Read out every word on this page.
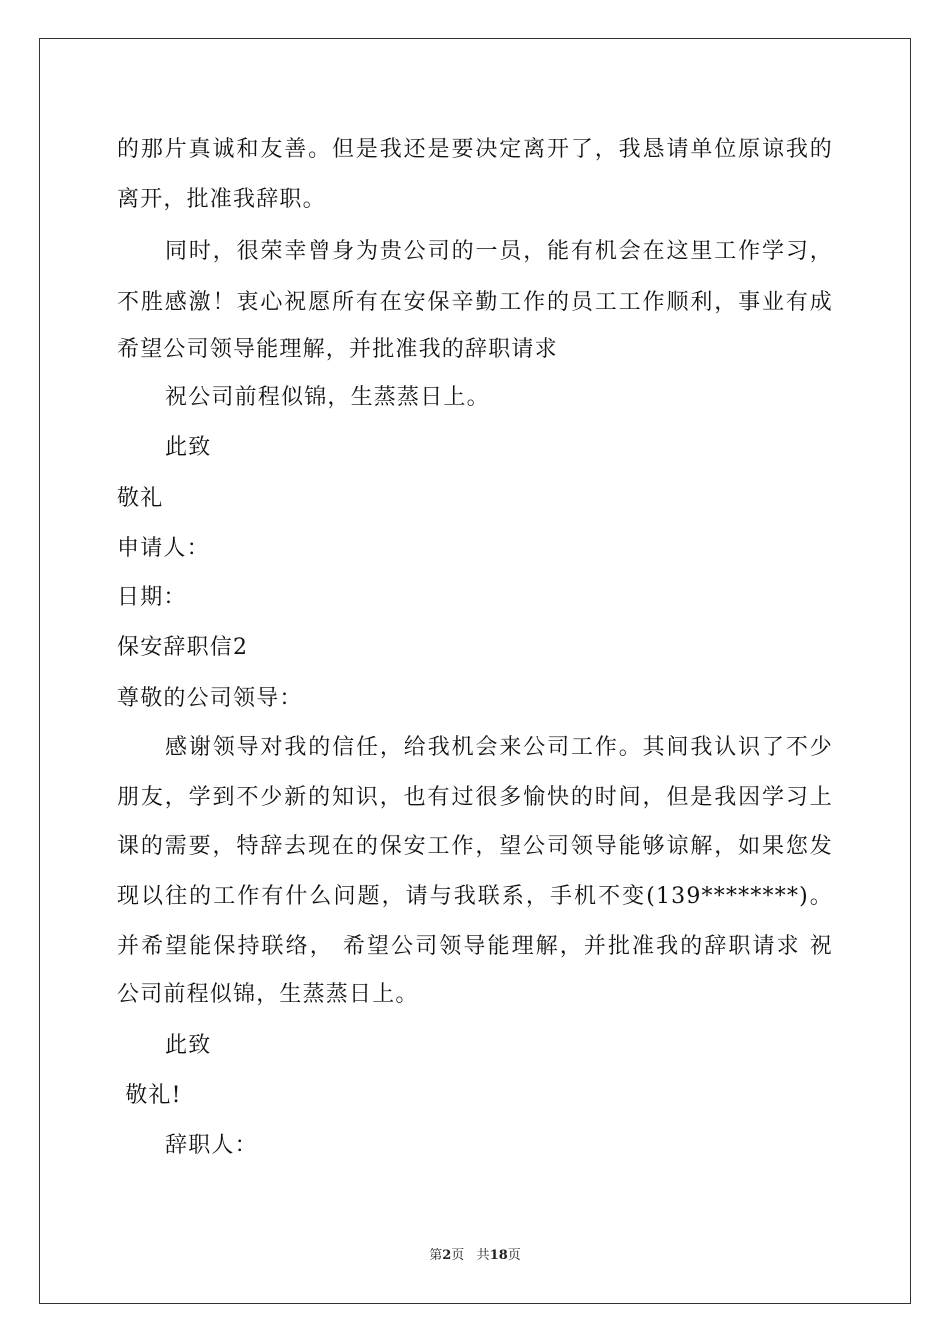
的那片真诚和友善。但是我还是要决定离开了，我恳请单位原谅我的
离开，批准我辞职。
同时，很荣幸曾身为贵公司的一员，能有机会在这里工作学习，
不胜感激！衷心祝愿所有在安保辛勤工作的员工工作顺利，事业有成
希望公司领导能理解，并批准我的辞职请求
祝公司前程似锦，生蒸蒸日上。
此致
敬礼
申请人：
日期：
保安辞职信2
尊敬的公司领导：
感谢领导对我的信任，给我机会来公司工作。其间我认识了不少
朋友，学到不少新的知识，也有过很多愉快的时间，但是我因学习上
课的需要，特辞去现在的保安工作，望公司领导能够谅解，如果您发
现以往的工作有什么问题，请与我联系，手机不变(139********)。
并希望能保持联络， 希望公司领导能理解，并批准我的辞职请求 祝
公司前程似锦，生蒸蒸日上。
此致
敬礼!
辞职人：
第2页 共18页
